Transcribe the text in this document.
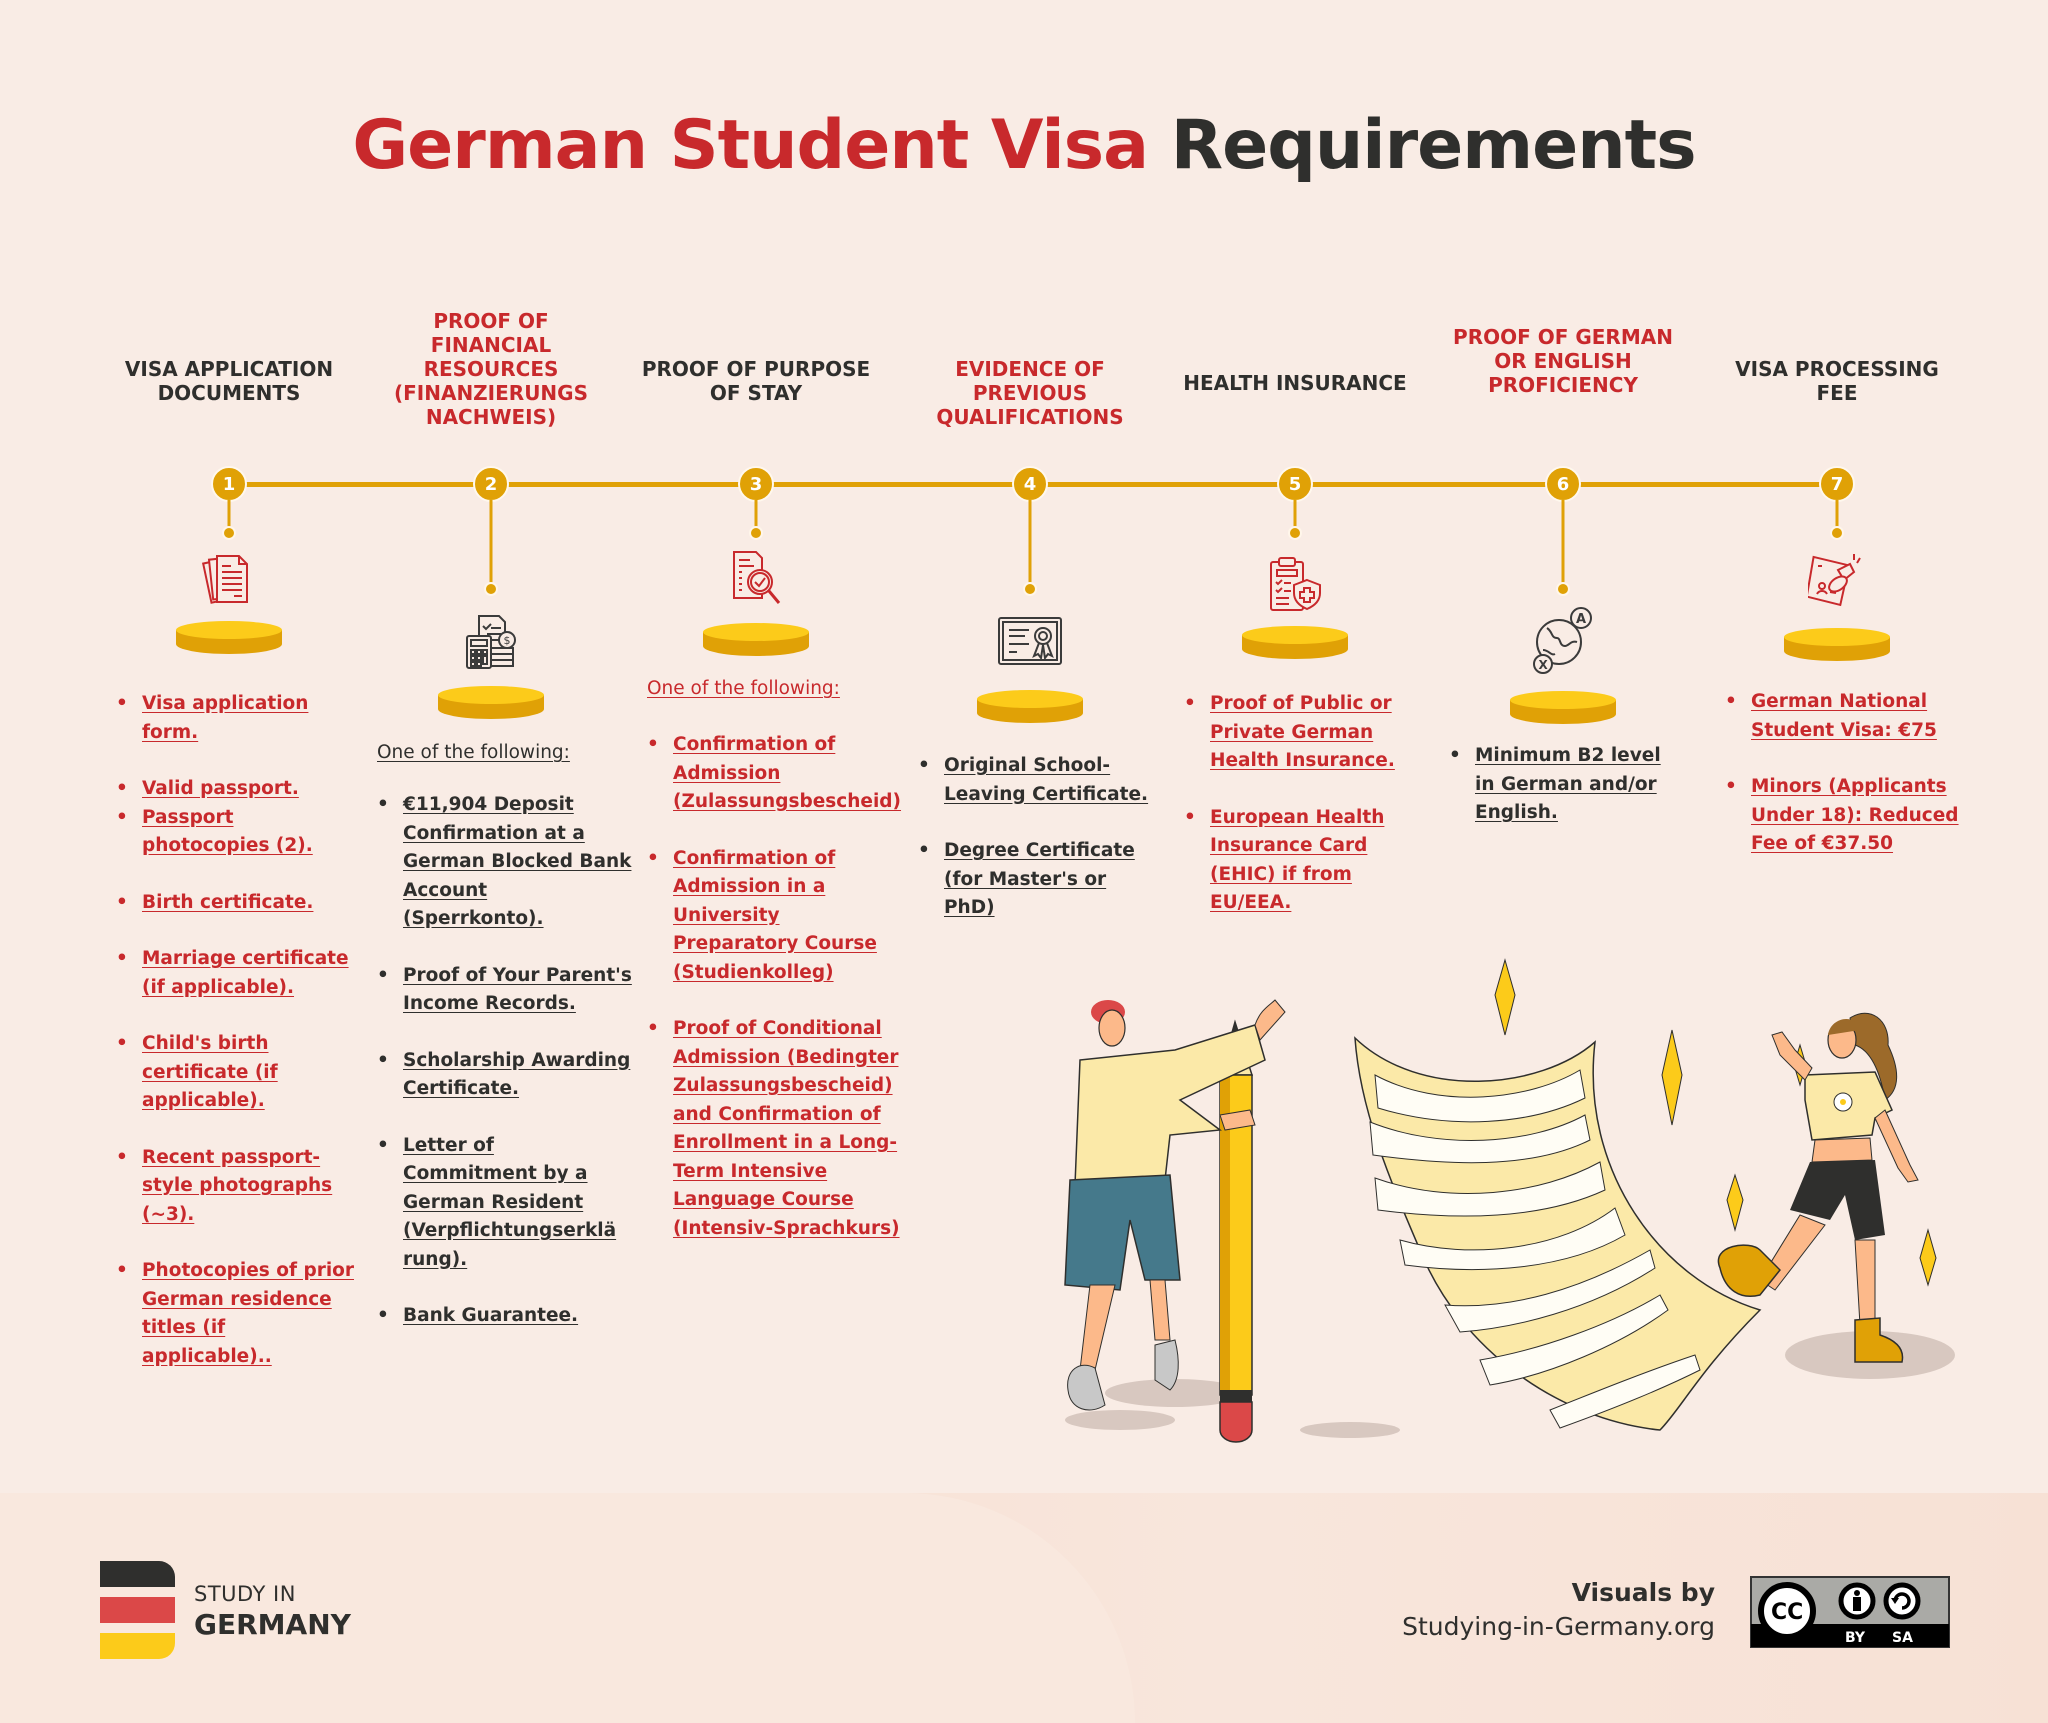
German Student Visa Requirements
VISA APPLICATION DOCUMENTS
PROOF OF FINANCIAL RESOURCES (FINANZIERUNGS NACHWEIS)
PROOF OF PURPOSE OF STAY
EVIDENCE OF PREVIOUS QUALIFICATIONS
HEALTH INSURANCE
PROOF OF GERMAN OR ENGLISH PROFICIENCY
VISA PROCESSING FEE
1	2	3	4	5	6	7
$
A
X
• Visa application form.
• Valid passport.
• Passport photocopies (2).
• Birth certificate.
• Marriage certificate (if applicable).
• Child's birth certificate (if applicable).
• Recent passport-style photographs (~3).
• Photocopies of prior German residence titles (if applicable)..
One of the following:
• €11,904 Deposit Confirmation at a German Blocked Bank Account (Sperrkonto).
• Proof of Your Parent's Income Records.
• Scholarship Awarding Certificate.
• Letter of Commitment by a German Resident (Verpflichtungserklä rung).
• Bank Guarantee.
One of the following:
• Confirmation of Admission (Zulassungsbescheid)
• Confirmation of Admission in a University Preparatory Course (Studienkolleg)
• Proof of Conditional Admission (Bedingter Zulassungsbescheid) and Confirmation of Enrollment in a Long-Term Intensive Language Course (Intensiv-Sprachkurs)
• Original School-Leaving Certificate.
• Degree Certificate (for Master's or PhD)
• Proof of Public or Private German Health Insurance.
• European Health Insurance Card (EHIC) if from EU/EEA.
• Minimum B2 level in German and/or English.
• German National Student Visa: €75
• Minors (Applicants Under 18): Reduced Fee of €37.50
STUDY IN
GERMANY
Visuals by
Studying-in-Germany.org	CC
BY SA
